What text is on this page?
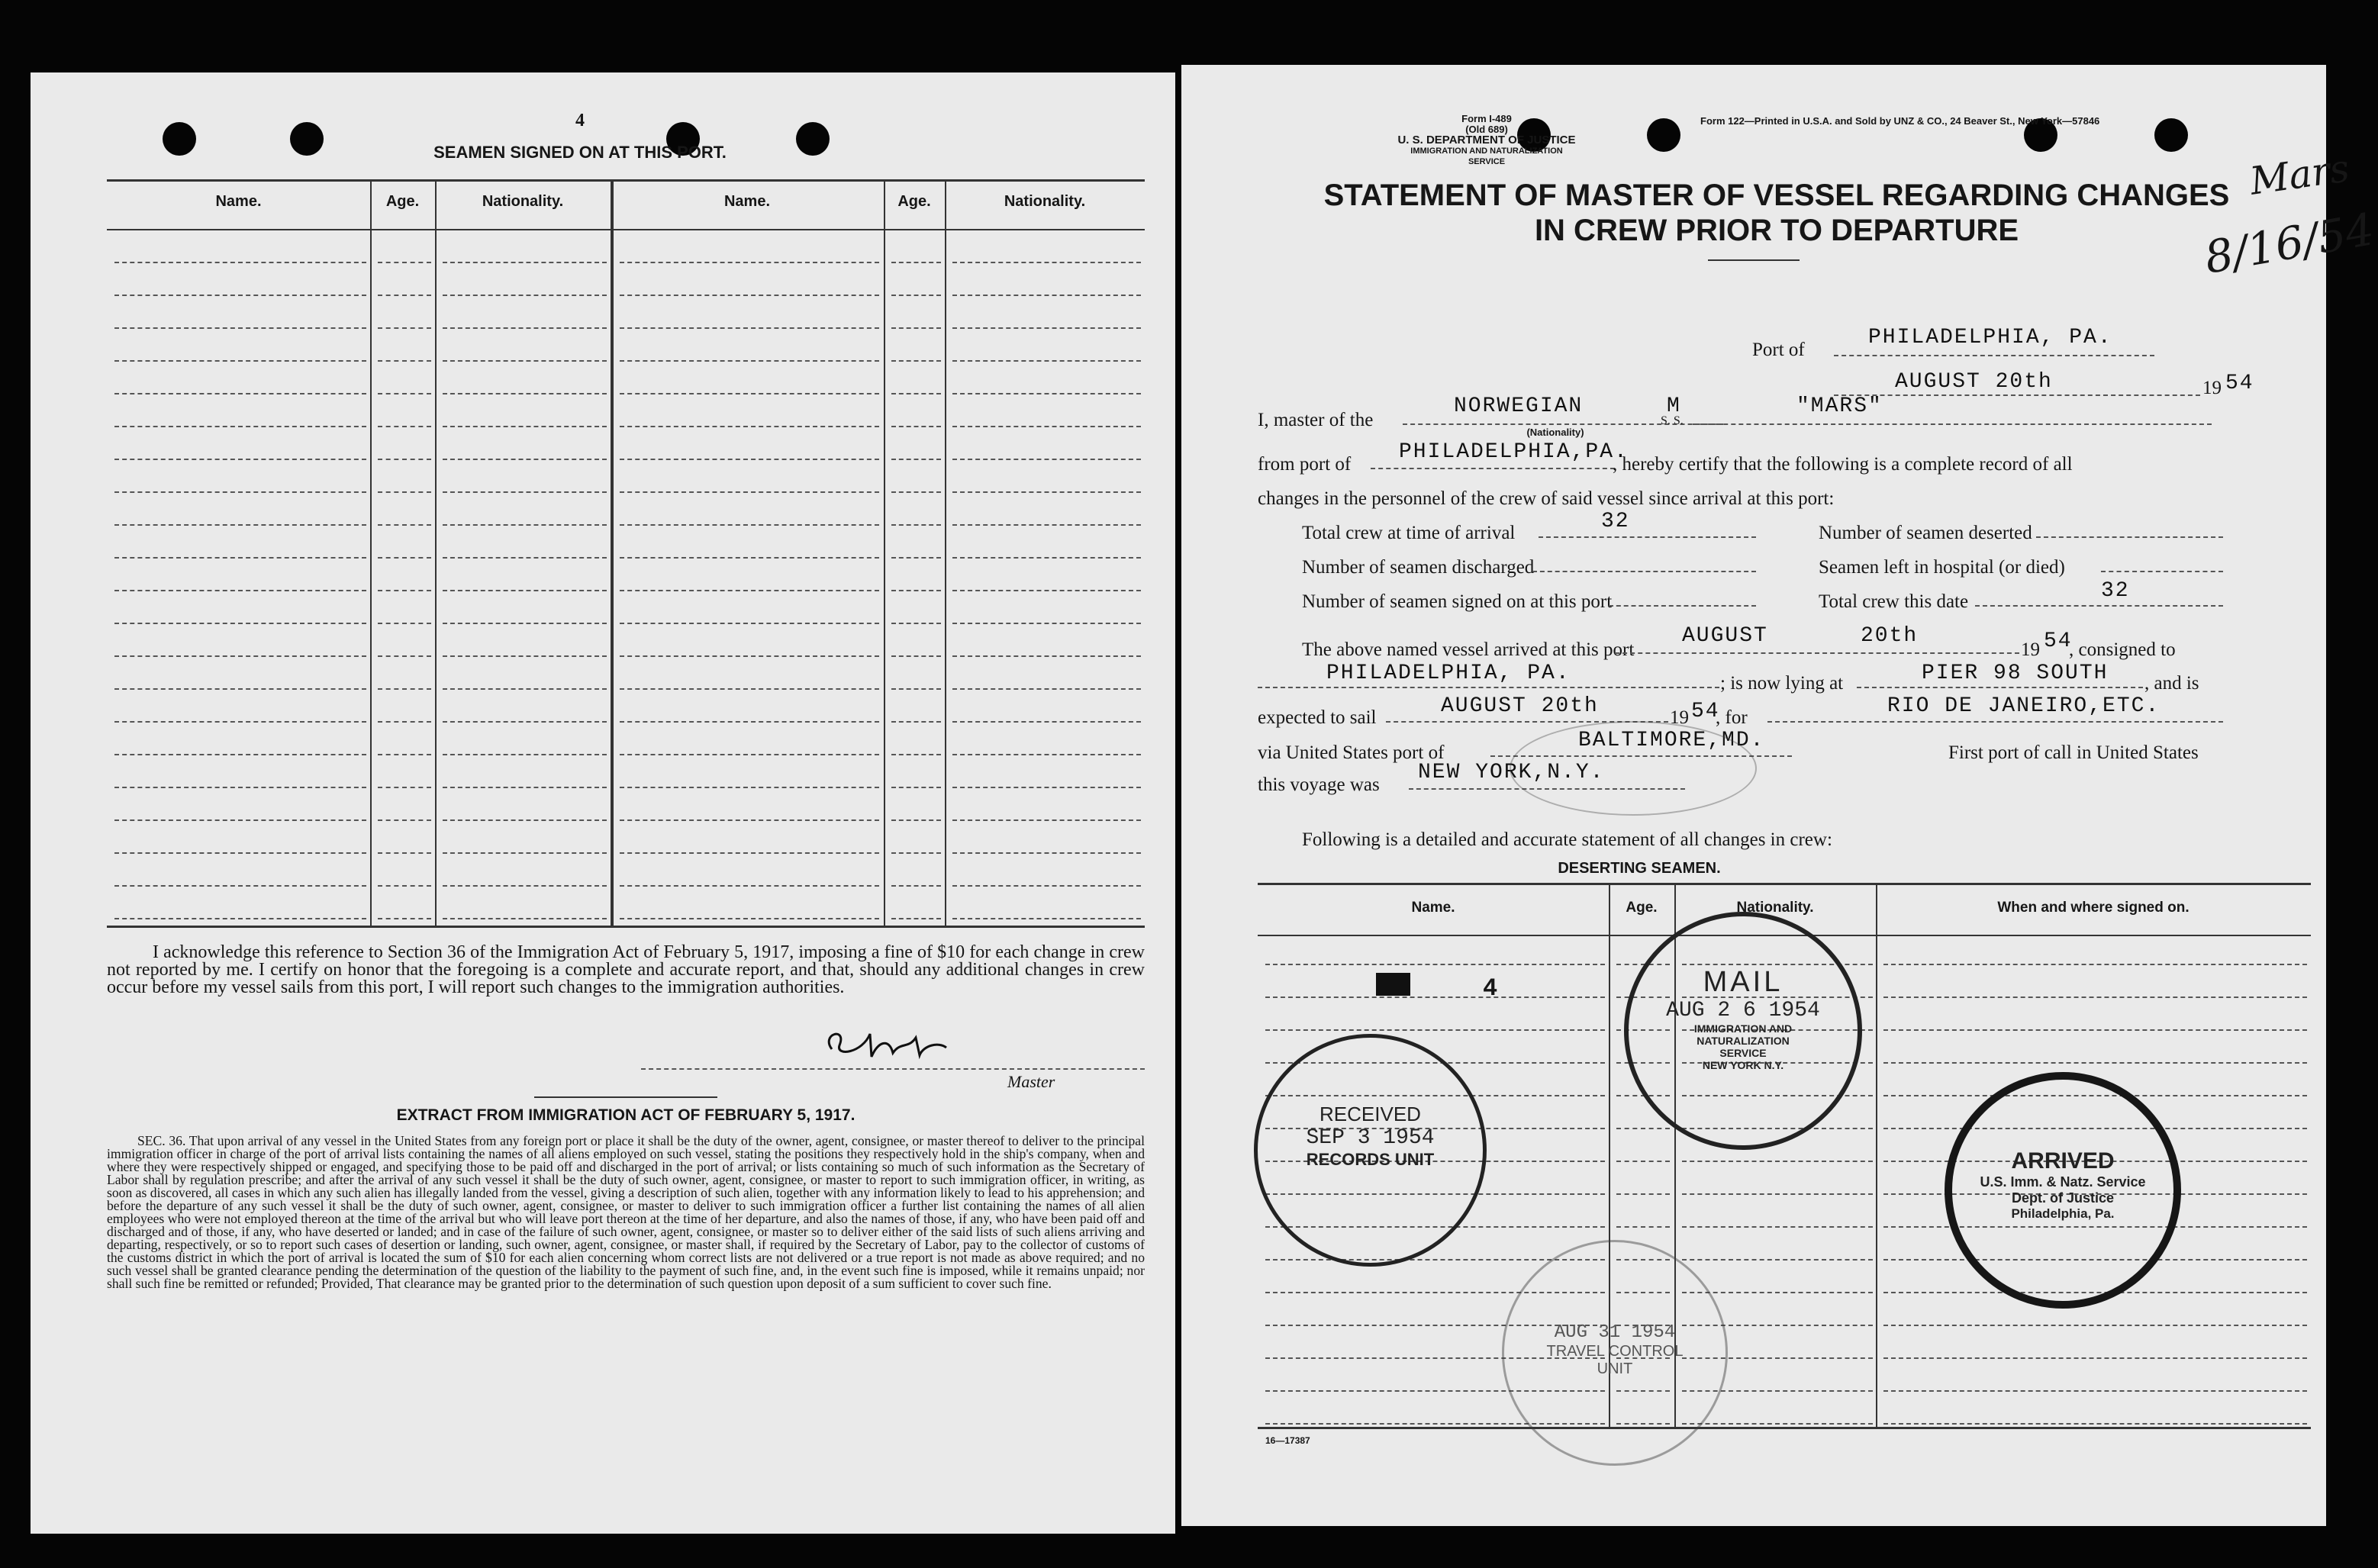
4
SEAMEN SIGNED ON AT THIS PORT.
Name.	Age.	Nationality.	Name.	Age.	Nationality.
I acknowledge this reference to Section 36 of the Immigration Act of February 5, 1917, imposing a fine of $10 for each change in crew not reported by me. I certify on honor that the foregoing is a complete and accurate report, and that, should any additional changes in crew occur before my vessel sails from this port, I will report such changes to the immigration authorities.
Master
EXTRACT FROM IMMIGRATION ACT OF FEBRUARY 5, 1917.
SEC. 36. That upon arrival of any vessel in the United States from any foreign port or place it shall be the duty of the owner, agent, consignee, or master thereof to deliver to the principal immigration officer in charge of the port of arrival lists containing the names of all aliens employed on such vessel, stating the positions they respectively hold in the ship's company, when and where they were respectively shipped or engaged, and specifying those to be paid off and discharged in the port of arrival; or lists containing so much of such information as the Secretary of Labor shall by regulation prescribe; and after the arrival of any such vessel it shall be the duty of such owner, agent, consignee, or master to report to such immigration officer, in writing, as soon as discovered, all cases in which any such alien has illegally landed from the vessel, giving a description of such alien, together with any information likely to lead to his apprehension; and before the departure of any such vessel it shall be the duty of such owner, agent, consignee, or master to deliver to such immigration officer a further list containing the names of all alien employees who were not employed thereon at the time of the arrival but who will leave port thereon at the time of her departure, and also the names of those, if any, who have been paid off and discharged and of those, if any, who have deserted or landed; and in case of the failure of such owner, agent, consignee, or master so to deliver either of the said lists of such aliens arriving and departing, respectively, or so to report such cases of desertion or landing, such owner, agent, consignee, or master shall, if required by the Secretary of Labor, pay to the collector of customs of the customs district in which the port of arrival is located the sum of $10 for each alien concerning whom correct lists are not delivered or a true report is not made as above required; and no such vessel shall be granted clearance pending the determination of the question of the liability to the payment of such fine, and, in the event such fine is imposed, while it remains unpaid; nor shall such fine be remitted or refunded; Provided, That clearance may be granted prior to the determination of such question upon deposit of a sum sufficient to cover such fine.
Form I-489
(Old 689)
U. S. DEPARTMENT OF JUSTICE
IMMIGRATION AND NATURALIZATION SERVICE
Form 122—Printed in U.S.A. and Sold by UNZ & CO., 24 Beaver St., New York—57846
Mars
8/16/54
STATEMENT OF MASTER OF VESSEL REGARDING CHANGES
IN CREW PRIOR TO DEPARTURE
Port of
PHILADELPHIA, PA.
AUGUST 20th	19 54
I, master of the
NORWEGIAN
(Nationality)
M
S. S.
"MARS"
from port of
PHILADELPHIA,PA.
, hereby certify that the following is a complete record of all
changes in the personnel of the crew of said vessel since arrival at this port:
Total crew at time of arrival	32	Number of seamen deserted
Number of seamen discharged	Seamen left in hospital (or died)
Number of seamen signed on at this port	Total crew this date	32
The above named vessel arrived at this port
AUGUST	20th
19 54
, consigned to
PHILADELPHIA, PA.	; is now lying at	PIER 98 SOUTH , and is
expected to sail	AUGUST 20th	19 54
, for	RIO DE JANEIRO,ETC.
via United States port of
BALTIMORE,MD.
First port of call in United States
this voyage was
NEW YORK,N.Y.
Following is a detailed and accurate statement of all changes in crew:
DESERTING SEAMEN.
Name.	Age.	Nationality.	When and where signed on.
4	MAIL
AUG 2 6 1954
IMMIGRATION AND NATURALIZATION SERVICE
NEW YORK N.Y.
RECEIVED
SEP 3 1954
RECORDS UNIT	ARRIVED
U.S. Imm. & Natz. Service
Dept. of Justice
Philadelphia, Pa.
AUG 31 1954
TRAVEL CONTROL
UNIT
16—17387
